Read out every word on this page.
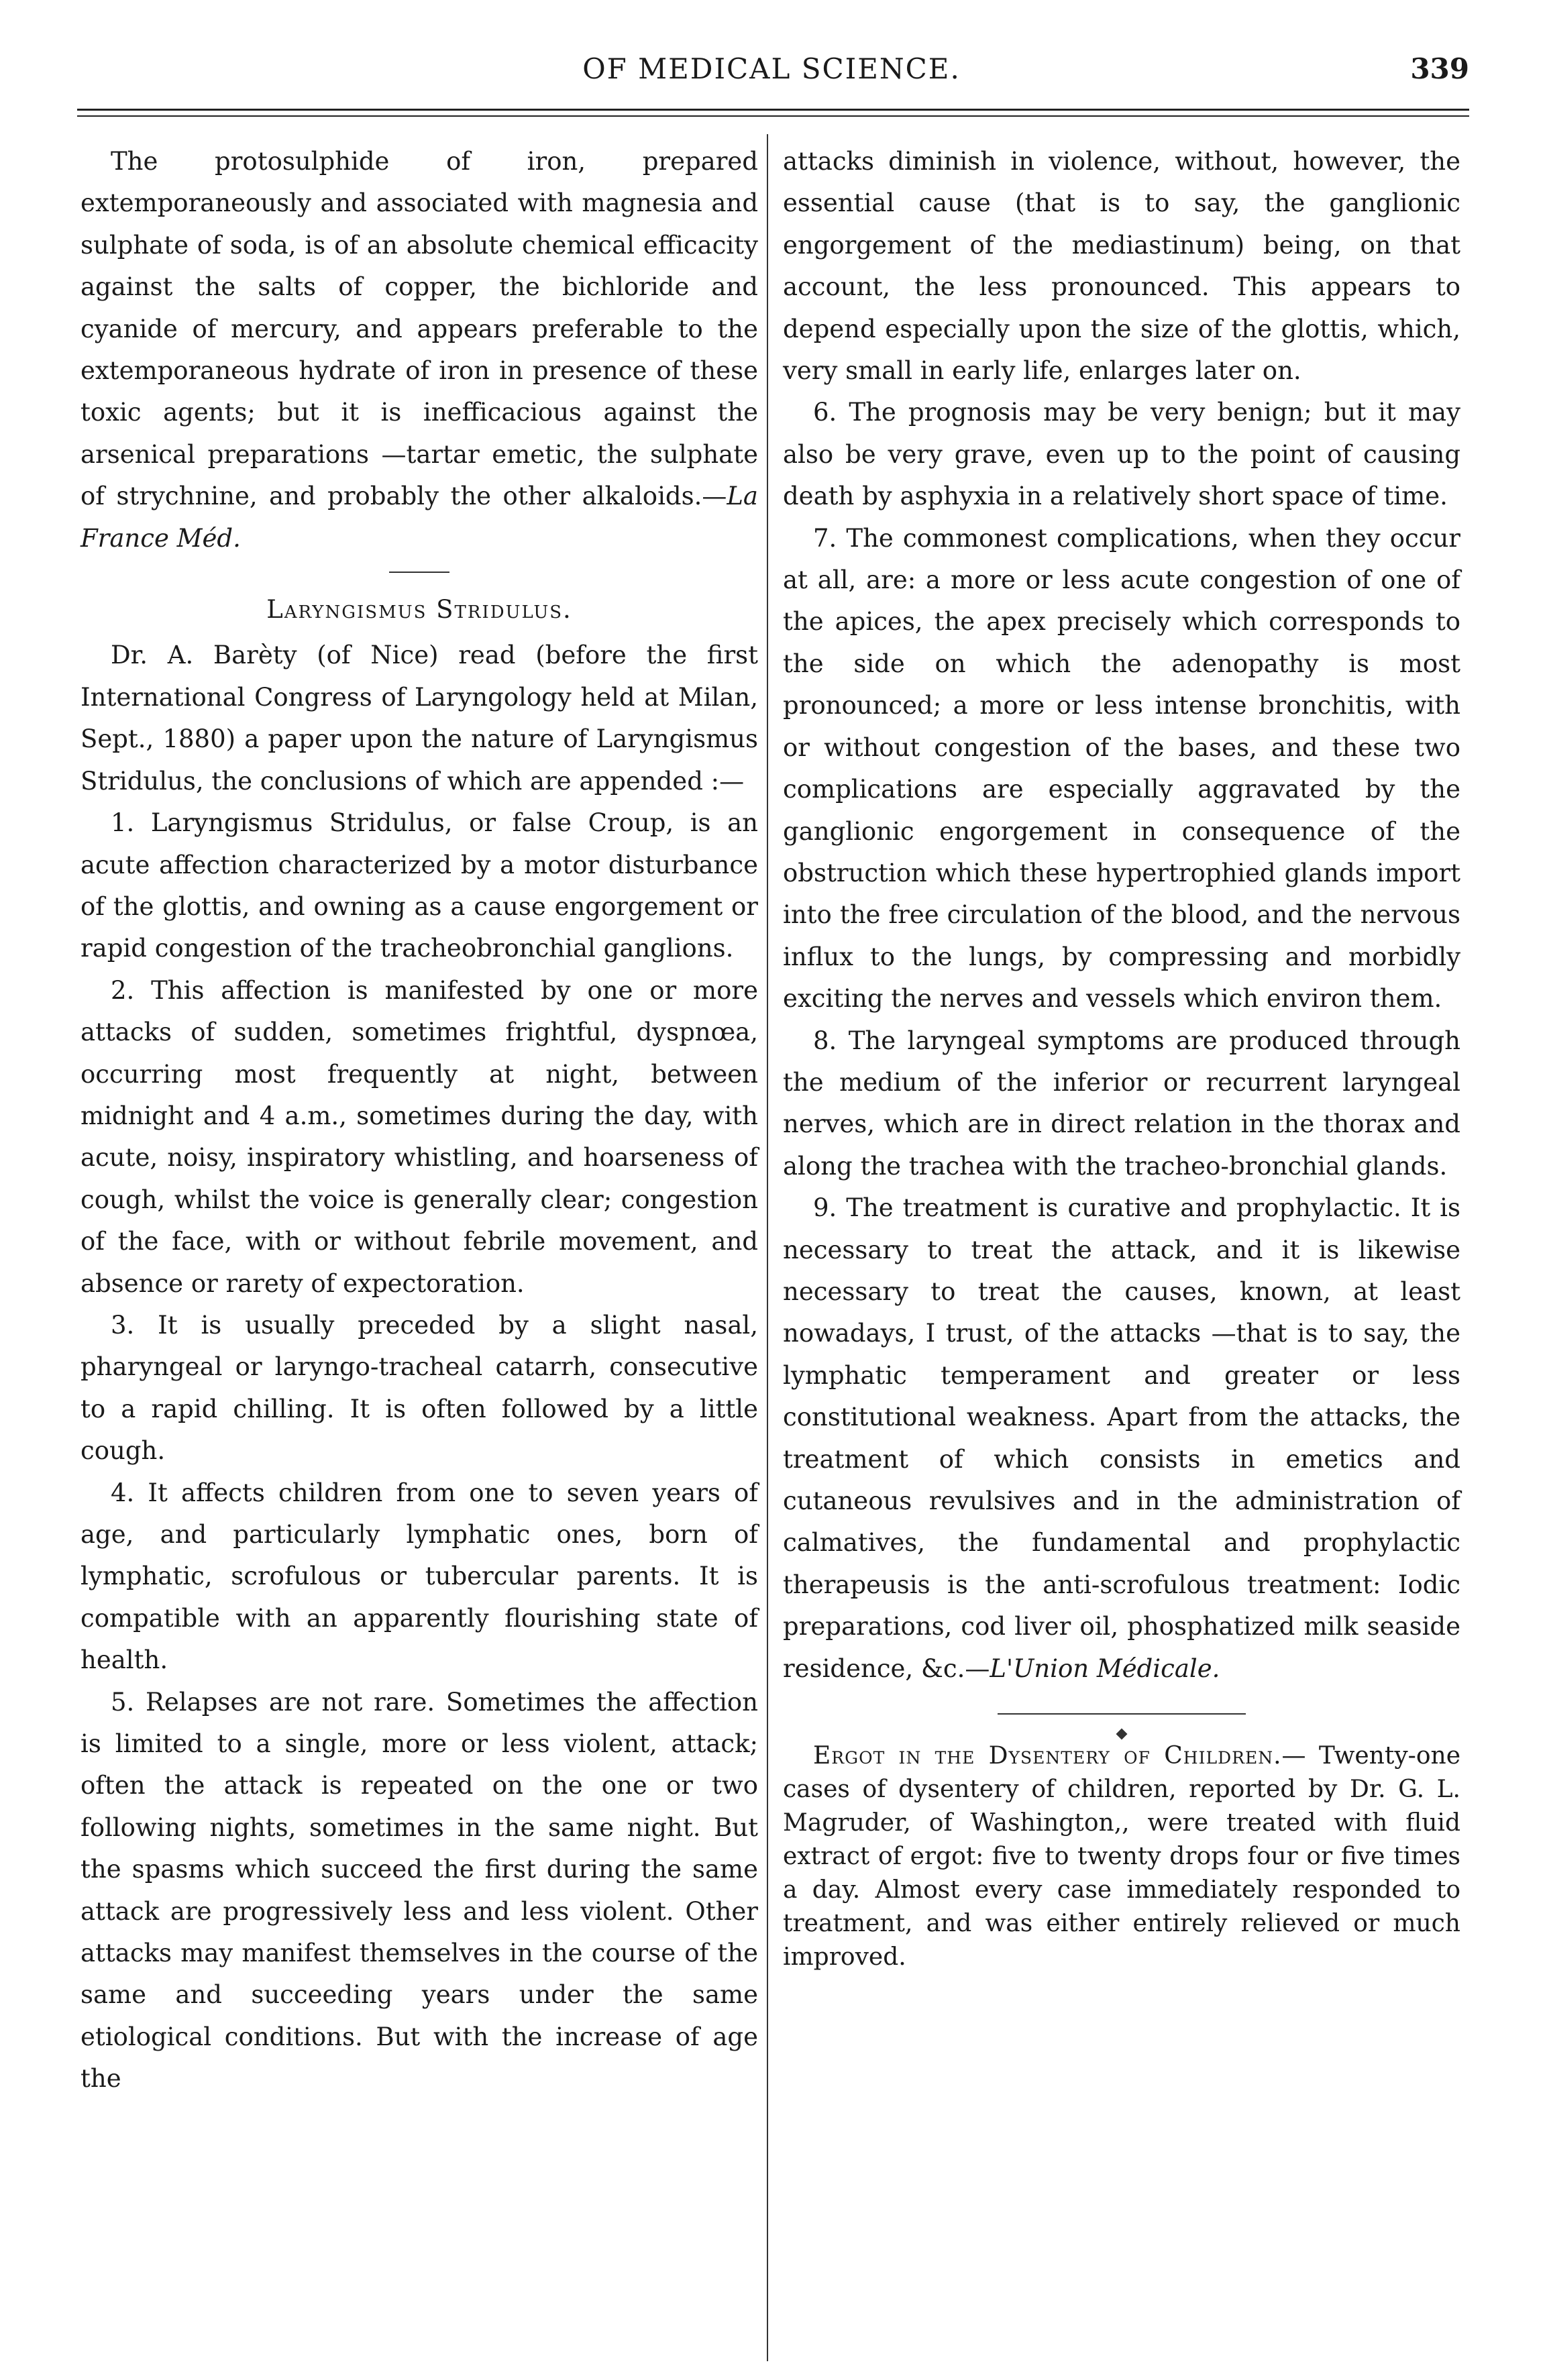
OF MEDICAL SCIENCE.	339

The protosulphide of iron, prepared extemporaneously and associated with magnesia and sulphate of soda, is of an absolute chemical efficacity against the salts of copper, the bichloride and cyanide of mercury, and appears preferable to the extemporaneous hydrate of iron in presence of these toxic agents; but it is inefficacious against the arsenical preparations —tartar emetic, the sulphate of strychnine, and probably the other alkaloids.—La France Méd.

Laryngismus Stridulus.

Dr. A. Barèty (of Nice) read (before the first International Congress of Laryngology held at Milan, Sept., 1880) a paper upon the nature of Laryngismus Stridulus, the conclusions of which are appended :—

1. Laryngismus Stridulus, or false Croup, is an acute affection characterized by a motor disturbance of the glottis, and owning as a cause engorgement or rapid congestion of the tracheobronchial ganglions.

2. This affection is manifested by one or more attacks of sudden, sometimes frightful, dyspnœa, occurring most frequently at night, between midnight and 4 a.m., sometimes during the day, with acute, noisy, inspiratory whistling, and hoarseness of cough, whilst the voice is generally clear; congestion of the face, with or without febrile movement, and absence or rarety of expectoration.

3. It is usually preceded by a slight nasal, pharyngeal or laryngo-tracheal catarrh, consecutive to a rapid chilling. It is often followed by a little cough.

4. It affects children from one to seven years of age, and particularly lymphatic ones, born of lymphatic, scrofulous or tubercular parents. It is compatible with an apparently flourishing state of health.

5. Relapses are not rare. Sometimes the affection is limited to a single, more or less violent, attack; often the attack is repeated on the one or two following nights, sometimes in the same night. But the spasms which succeed the first during the same attack are progressively less and less violent. Other attacks may manifest themselves in the course of the same and succeeding years under the same etiological conditions. But with the increase of age the

attacks diminish in violence, without, however, the essential cause (that is to say, the ganglionic engorgement of the mediastinum) being, on that account, the less pronounced. This appears to depend especially upon the size of the glottis, which, very small in early life, enlarges later on.

6. The prognosis may be very benign; but it may also be very grave, even up to the point of causing death by asphyxia in a relatively short space of time.

7. The commonest complications, when they occur at all, are: a more or less acute congestion of one of the apices, the apex precisely which corresponds to the side on which the adenopathy is most pronounced; a more or less intense bronchitis, with or without congestion of the bases, and these two complications are especially aggravated by the ganglionic engorgement in consequence of the obstruction which these hypertrophied glands import into the free circulation of the blood, and the nervous influx to the lungs, by compressing and morbidly exciting the nerves and vessels which environ them.

8. The laryngeal symptoms are produced through the medium of the inferior or recurrent laryngeal nerves, which are in direct relation in the thorax and along the trachea with the tracheo-bronchial glands.

9. The treatment is curative and prophylactic. It is necessary to treat the attack, and it is likewise necessary to treat the causes, known, at least nowadays, I trust, of the attacks —that is to say, the lymphatic temperament and greater or less constitutional weakness. Apart from the attacks, the treatment of which consists in emetics and cutaneous revulsives and in the administration of calmatives, the fundamental and prophylactic therapeusis is the anti-scrofulous treatment: Iodic preparations, cod liver oil, phosphatized milk seaside residence, &c.—L'Union Médicale.

Ergot in the Dysentery of Children.— Twenty-one cases of dysentery of children, reported by Dr. G. L. Magruder, of Washington,, were treated with fluid extract of ergot: five to twenty drops four or five times a day. Almost every case immediately responded to treatment, and was either entirely relieved or much improved.
